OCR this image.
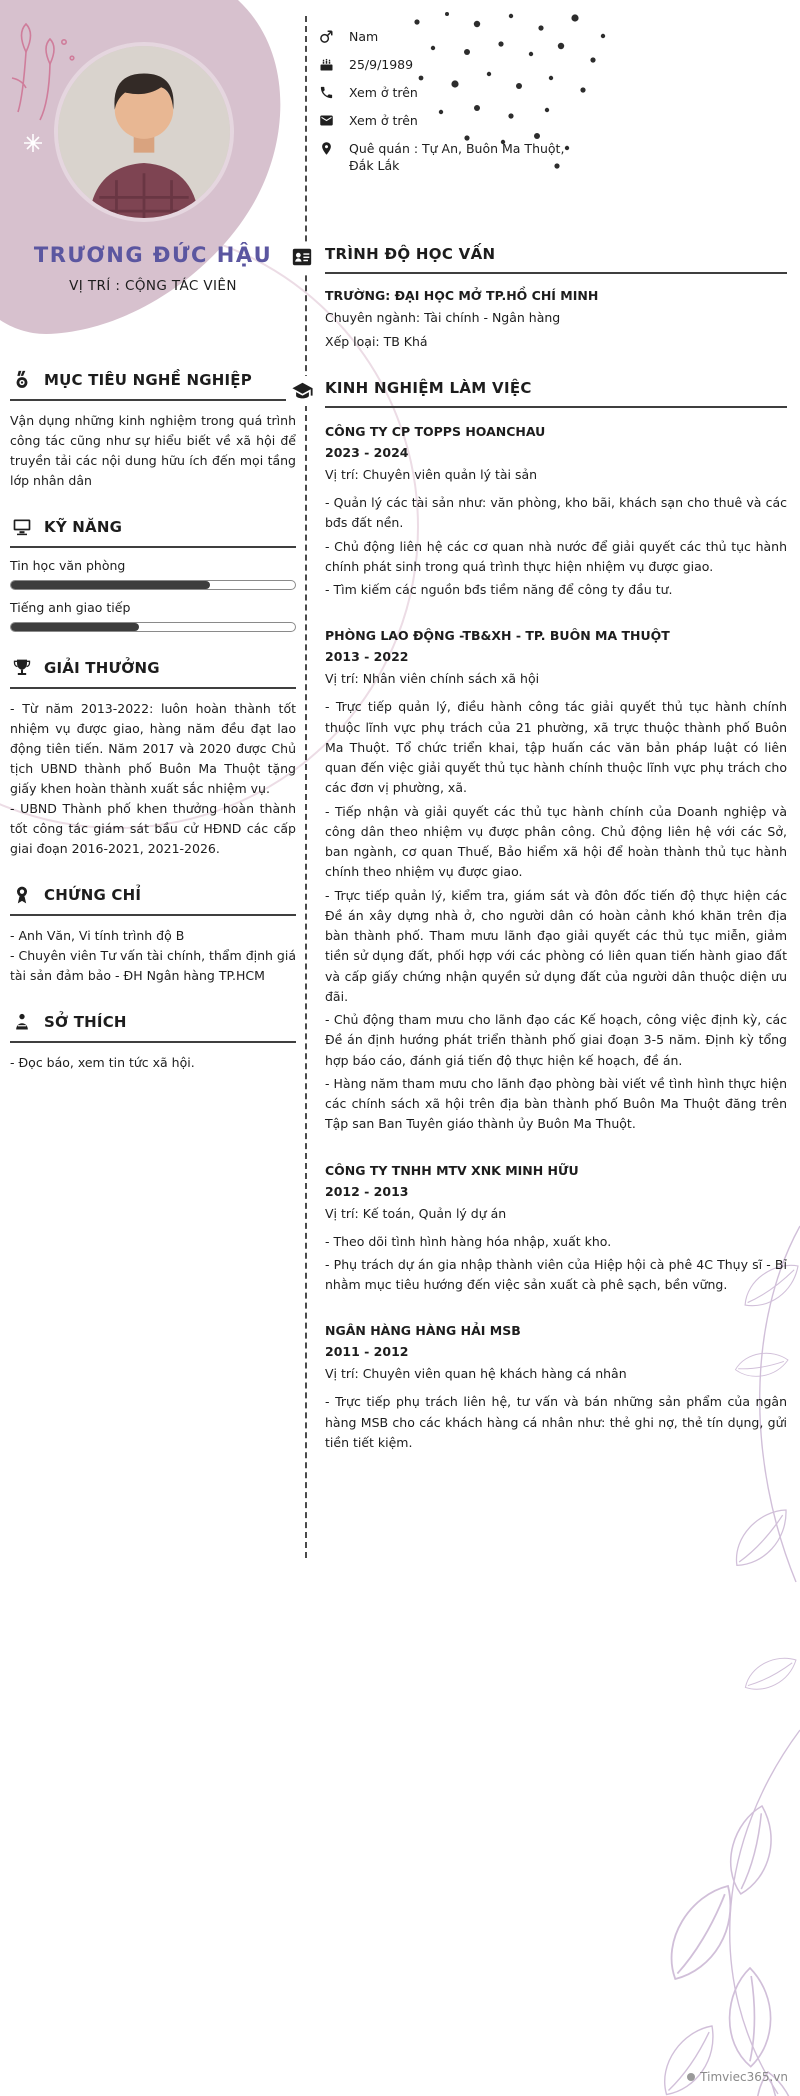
Nam
25/9/1989
Xem ở trên
Xem ở trên
Quê quán : Tự An, Buôn Ma Thuột, Đắk Lắk
TRƯƠNG ĐỨC HẬU
VỊ TRÍ : CỘNG TÁC VIÊN
MỤC TIÊU NGHỀ NGHIỆP

Vận dụng những kinh nghiệm trong quá trình công tác cũng như sự hiểu biết về xã hội để truyền tải các nội dung hữu ích đến mọi tầng lớp nhân dân

KỸ NĂNG
Tin học văn phòng
Tiếng anh giao tiếp
GIẢI THƯỞNG

- Từ năm 2013-2022: luôn hoàn thành tốt nhiệm vụ được giao, hàng năm đều đạt lao động tiên tiến. Năm 2017 và 2020 được Chủ tịch UBND thành phố Buôn Ma Thuột tặng giấy khen hoàn thành xuất sắc nhiệm vụ.

- UBND Thành phố khen thưởng hoàn thành tốt công tác giám sát bầu cử HĐND các cấp giai đoạn 2016-2021, 2021-2026.

CHỨNG CHỈ

- Anh Văn, Vi tính trình độ B

- Chuyên viên Tư vấn tài chính, thẩm định giá tài sản đảm bảo - ĐH Ngân hàng TP.HCM

SỞ THÍCH

- Đọc báo, xem tin tức xã hội.

TRÌNH ĐỘ HỌC VẤN
TRƯỜNG: ĐẠI HỌC MỞ TP.HỒ CHÍ MINH
Chuyên ngành: Tài chính - Ngân hàng
Xếp loại: TB Khá
KINH NGHIỆM LÀM VIỆC
CÔNG TY CP TOPPS HOANCHAU
2023 - 2024
Vị trí: Chuyên viên quản lý tài sản

- Quản lý các tài sản như: văn phòng, kho bãi, khách sạn cho thuê và các bđs đất nền.

- Chủ động liên hệ các cơ quan nhà nước để giải quyết các thủ tục hành chính phát sinh trong quá trình thực hiện nhiệm vụ được giao.

- Tìm kiếm các nguồn bđs tiềm năng để công ty đầu tư.

PHÒNG LAO ĐỘNG -TB&XH - TP. BUÔN MA THUỘT
2013 - 2022
Vị trí: Nhân viên chính sách xã hội

- Trực tiếp quản lý, điều hành công tác giải quyết thủ tục hành chính thuộc lĩnh vực phụ trách của 21 phường, xã trực thuộc thành phố Buôn Ma Thuột. Tổ chức triển khai, tập huấn các văn bản pháp luật có liên quan đến việc giải quyết thủ tục hành chính thuộc lĩnh vực phụ trách cho các đơn vị phường, xã.

- Tiếp nhận và giải quyết các thủ tục hành chính của Doanh nghiệp và công dân theo nhiệm vụ được phân công. Chủ động liên hệ với các Sở, ban ngành, cơ quan Thuế, Bảo hiểm xã hội để hoàn thành thủ tục hành chính theo nhiệm vụ được giao.

- Trực tiếp quản lý, kiểm tra, giám sát và đôn đốc tiến độ thực hiện các Đề án xây dựng nhà ở, cho người dân có hoàn cảnh khó khăn trên địa bàn thành phố. Tham mưu lãnh đạo giải quyết các thủ tục miễn, giảm tiền sử dụng đất, phối hợp với các phòng có liên quan tiến hành giao đất và cấp giấy chứng nhận quyền sử dụng đất của người dân thuộc diện ưu đãi.

- Chủ động tham mưu cho lãnh đạo các Kế hoạch, công việc định kỳ, các Đề án định hướng phát triển thành phố giai đoạn 3-5 năm. Định kỳ tổng hợp báo cáo, đánh giá tiến độ thực hiện kế hoạch, đề án.

- Hàng năm tham mưu cho lãnh đạo phòng bài viết về tình hình thực hiện các chính sách xã hội trên địa bàn thành phố Buôn Ma Thuột đăng trên Tập san Ban Tuyên giáo thành ủy Buôn Ma Thuột.

CÔNG TY TNHH MTV XNK MINH HỮU
2012 - 2013
Vị trí: Kế toán, Quản lý dự án

- Theo dõi tình hình hàng hóa nhập, xuất kho.

- Phụ trách dự án gia nhập thành viên của Hiệp hội cà phê 4C Thụy sĩ - Bỉ nhằm mục tiêu hướng đến việc sản xuất cà phê sạch, bền vững.

NGÂN HÀNG HÀNG HẢI MSB
2011 - 2012
Vị trí: Chuyên viên quan hệ khách hàng cá nhân

- Trực tiếp phụ trách liên hệ, tư vấn và bán những sản phẩm của ngân hàng MSB cho các khách hàng cá nhân như: thẻ ghi nợ, thẻ tín dụng, gửi tiền tiết kiệm.

Timviec365.vn
